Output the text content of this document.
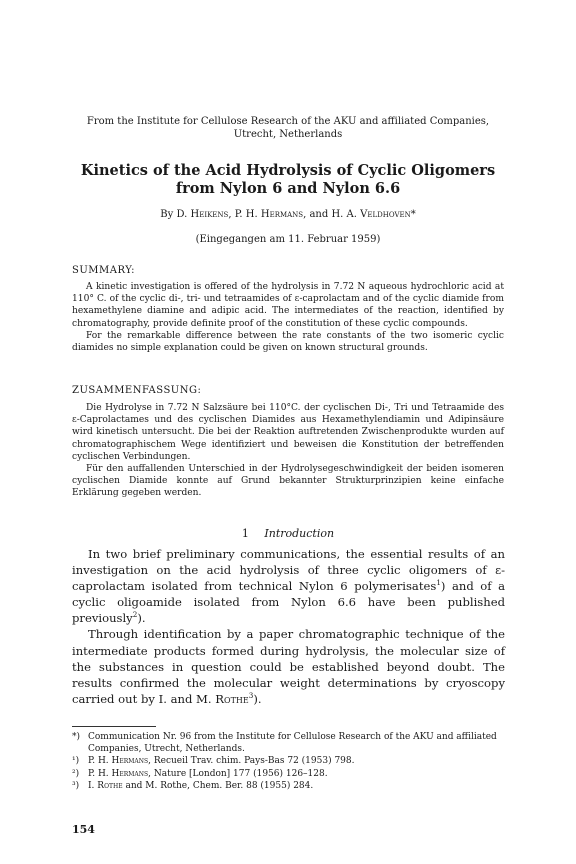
From the Institute for Cellulose Research of the AKU and affiliated Companies,
Utrecht, Netherlands
Kinetics of the Acid Hydrolysis of Cyclic Oligomers
from Nylon 6 and Nylon 6.6
By D. Heikens, P. H. Hermans, and H. A. Veldhoven*
(Eingegangen am 11. Februar 1959)
SUMMARY:

A kinetic investigation is offered of the hydrolysis in 7.72 N aqueous hydrochloric acid at 110° C. of the cyclic di-, tri- und tetraamides of ε-caprolactam and of the cyclic diamide from hexamethylene diamine and adipic acid. The intermediates of the reaction, identified by chromatography, provide definite proof of the constitution of these cyclic compounds.

For the remarkable difference between the rate constants of the two isomeric cyclic diamides no simple explanation could be given on known structural grounds.

ZUSAMMENFASSUNG:

Die Hydrolyse in 7.72 N Salzsäure bei 110°C. der cyclischen Di-, Tri und Tetraamide des ε-Caprolactames und des cyclischen Diamides aus Hexamethylendiamin und Adipinsäure wird kinetisch untersucht. Die bei der Reaktion auftretenden Zwischenprodukte wurden auf chromatographischem Wege identifiziert und beweisen die Konstitution der betreffenden cyclischen Verbindungen.

Für den auffallenden Unterschied in der Hydrolysegeschwindigkeit der beiden isomeren cyclischen Diamide konnte auf Grund bekannter Strukturprinzipien keine einfache Erklärung gegeben werden.

1 Introduction

In two brief preliminary communications, the essential results of an investigation on the acid hydrolysis of three cyclic oligomers of ε-caprolactam isolated from technical Nylon 6 polymerisates$^1$) and of a cyclic oligoamide isolated from Nylon 6.6 have been published previously$^2$).

Through identification by a paper chromatographic technique of the intermediate products formed during hydrolysis, the molecular size of the substances in question could be established beyond doubt. The results confirmed the molecular weight determinations by cryoscopy carried out by I. and M. Rothe$^3$).

*) Communication Nr. 96 from the Institute for Cellulose Research of the AKU and affiliated Companies, Utrecht, Netherlands.
¹) P. H. Hermans, Recueil Trav. chim. Pays-Bas 72 (1953) 798.
²) P. H. Hermans, Nature [London] 177 (1956) 126–128.
³) I. Rothe and M. Rothe, Chem. Ber. 88 (1955) 284.
154
